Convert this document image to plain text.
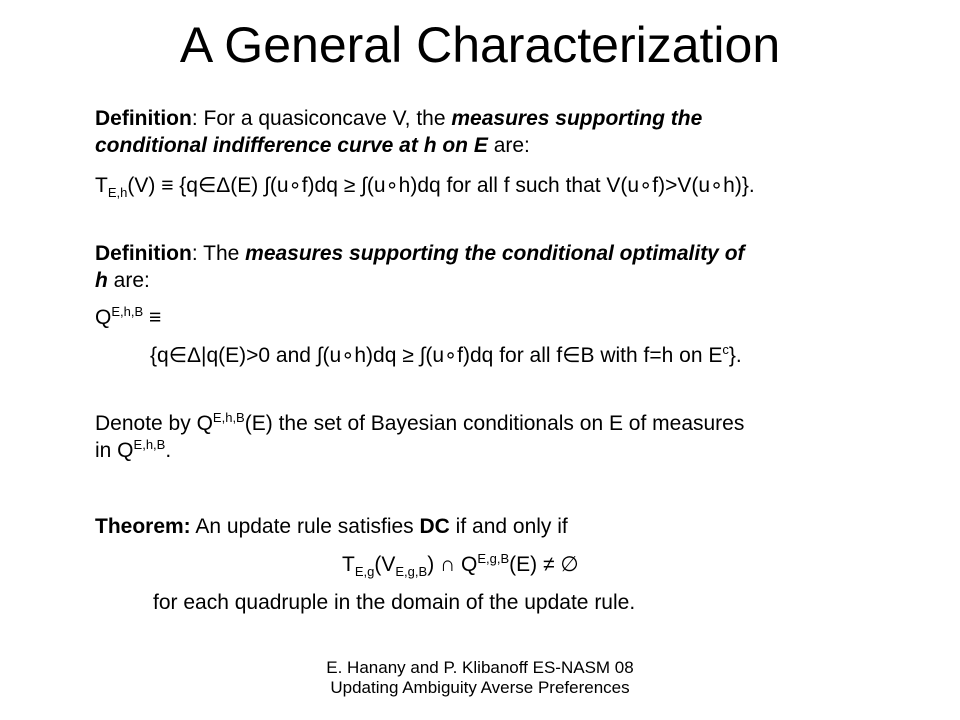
A General Characterization
Definition: For a quasiconcave V, the measures supporting the
conditional indifference curve at h on E are:
$T_{E,h}(V)$ ≡ {q∈Δ(E) ∫(u∘f)dq ≥ ∫(u∘h)dq for all f such that V(u∘f)>V(u∘h)}.
Definition: The measures supporting the conditional optimality of
h are:
$Q^{E,h,B}$ ≡
{q∈Δ|q(E)>0 and ∫(u∘h)dq ≥ ∫(u∘f)dq for all f∈B with f=h on $E^c$}.
Denote by $Q^{E,h,B}(E)$ the set of Bayesian conditionals on E of measures
in $Q^{E,h,B}$.
Theorem: An update rule satisfies DC if and only if
$T_{E,g}(V_{E,g,B})$ ∩ $Q^{E,g,B}(E)$ ≠ ∅
for each quadruple in the domain of the update rule.
E. Hanany and P. Klibanoff ES-NASM 08
Updating Ambiguity Averse Preferences
